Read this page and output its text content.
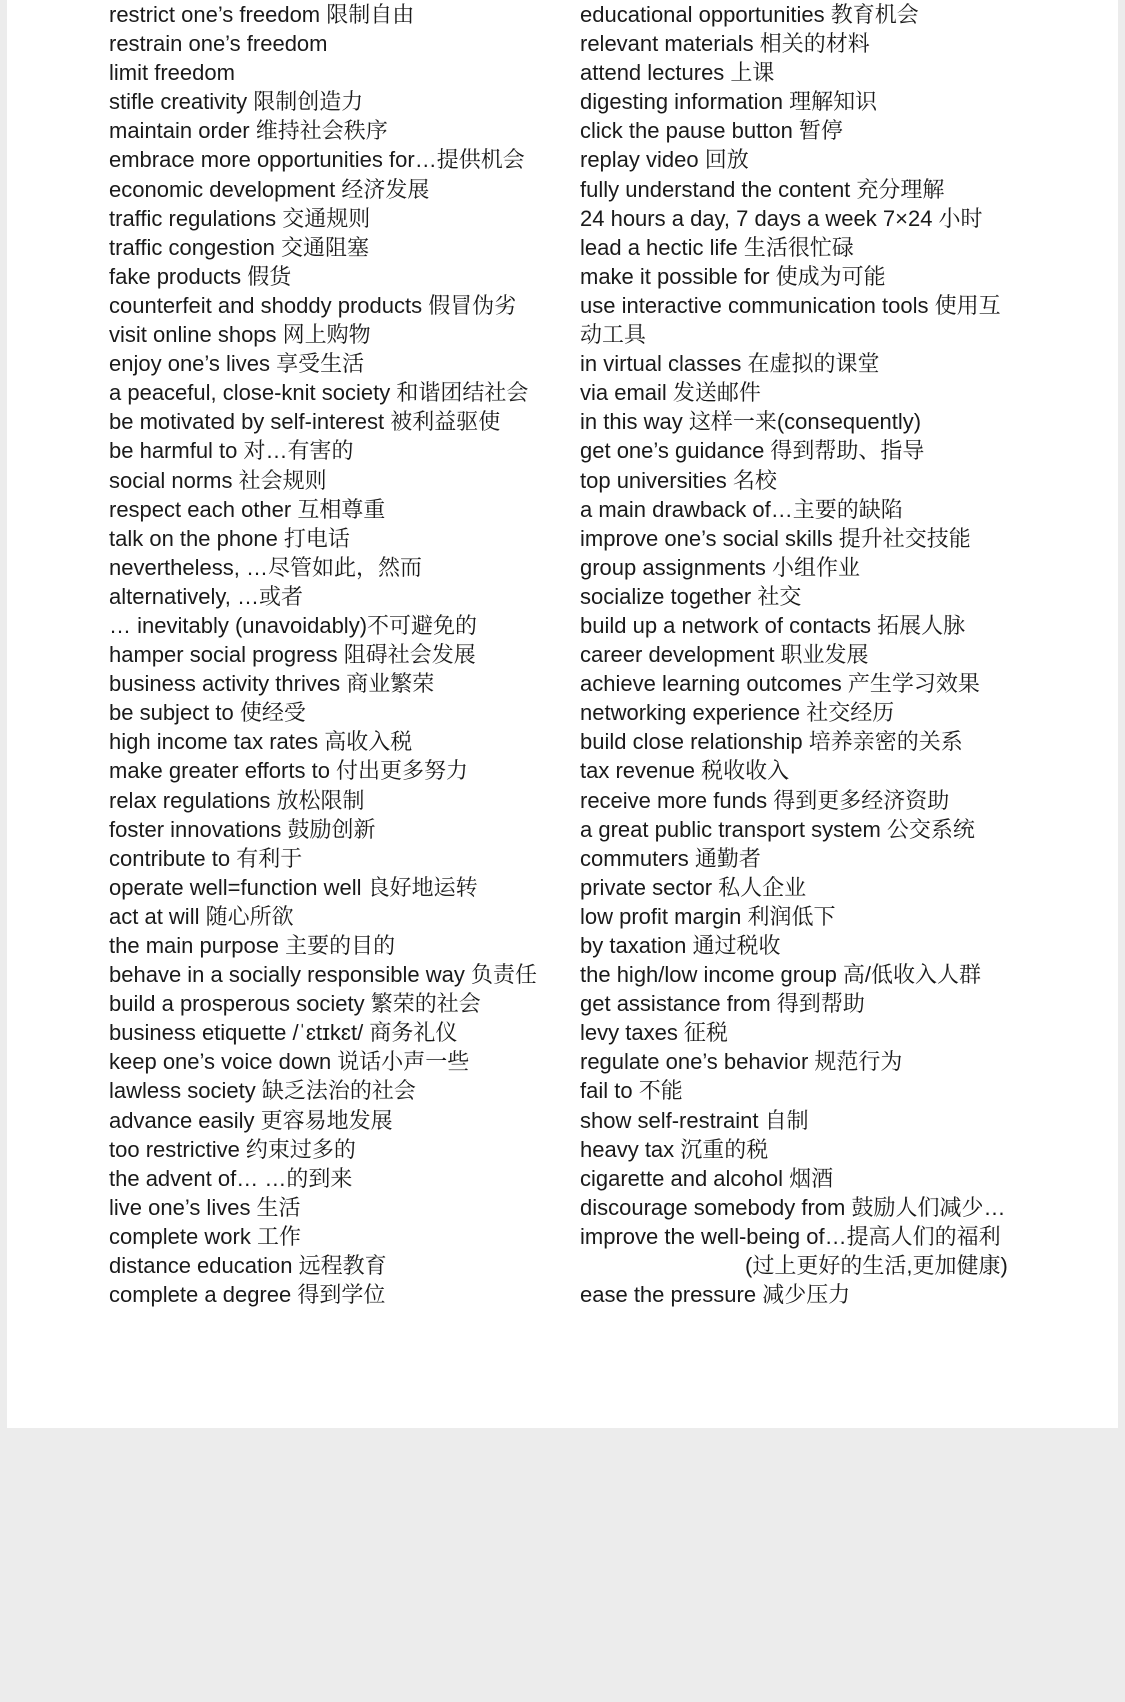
restrict one’s freedom 限制自由
restrain one’s freedom
limit freedom
stifle creativity 限制创造力
maintain order 维持社会秩序
embrace more opportunities for…提供机会
economic development 经济发展
traffic regulations 交通规则
traffic congestion 交通阻塞
fake products 假货
counterfeit and shoddy products 假冒伪劣
visit online shops 网上购物
enjoy one’s lives 享受生活
a peaceful, close-knit society 和谐团结社会
be motivated by self-interest 被利益驱使
be harmful to 对…有害的
social norms 社会规则
respect each other 互相尊重
talk on the phone 打电话
nevertheless, …尽管如此，然而
alternatively, …或者
… inevitably (unavoidably)不可避免的
hamper social progress 阻碍社会发展
business activity thrives 商业繁荣
be subject to 使经受
high income tax rates 高收入税
make greater efforts to 付出更多努力
relax regulations 放松限制
foster innovations 鼓励创新
contribute to 有利于
operate well=function well 良好地运转
act at will 随心所欲
the main purpose 主要的目的
behave in a socially responsible way 负责任
build a prosperous society 繁荣的社会
business etiquette /ˈɛtɪkɛt/ 商务礼仪
keep one’s voice down 说话小声一些
lawless society 缺乏法治的社会
advance easily 更容易地发展
too restrictive 约束过多的
the advent of… …的到来
live one’s lives 生活
complete work 工作
distance education 远程教育
complete a degree 得到学位
educational opportunities 教育机会
relevant materials 相关的材料
attend lectures 上课
digesting information 理解知识
click the pause button 暂停
replay video 回放
fully understand the content 充分理解
24 hours a day, 7 days a week 7×24 小时
lead a hectic life 生活很忙碌
make it possible for 使成为可能
use interactive communication tools 使用互
动工具
in virtual classes 在虚拟的课堂
via email 发送邮件
in this way 这样一来(consequently)
get one’s guidance 得到帮助、指导
top universities 名校
a main drawback of…主要的缺陷
improve one’s social skills 提升社交技能
group assignments 小组作业
socialize together 社交
build up a network of contacts 拓展人脉
career development 职业发展
achieve learning outcomes 产生学习效果
networking experience 社交经历
build close relationship 培养亲密的关系
tax revenue 税收收入
receive more funds 得到更多经济资助
a great public transport system 公交系统
commuters 通勤者
private sector 私人企业
low profit margin 利润低下
by taxation 通过税收
the high/low income group 高/低收入人群
get assistance from 得到帮助
levy taxes 征税
regulate one’s behavior 规范行为
fail to 不能
show self-restraint 自制
heavy tax 沉重的税
cigarette and alcohol 烟酒
discourage somebody from 鼓励人们减少…
improve the well-being of…提高人们的福利
(过上更好的生活,更加健康)
ease the pressure 减少压力
